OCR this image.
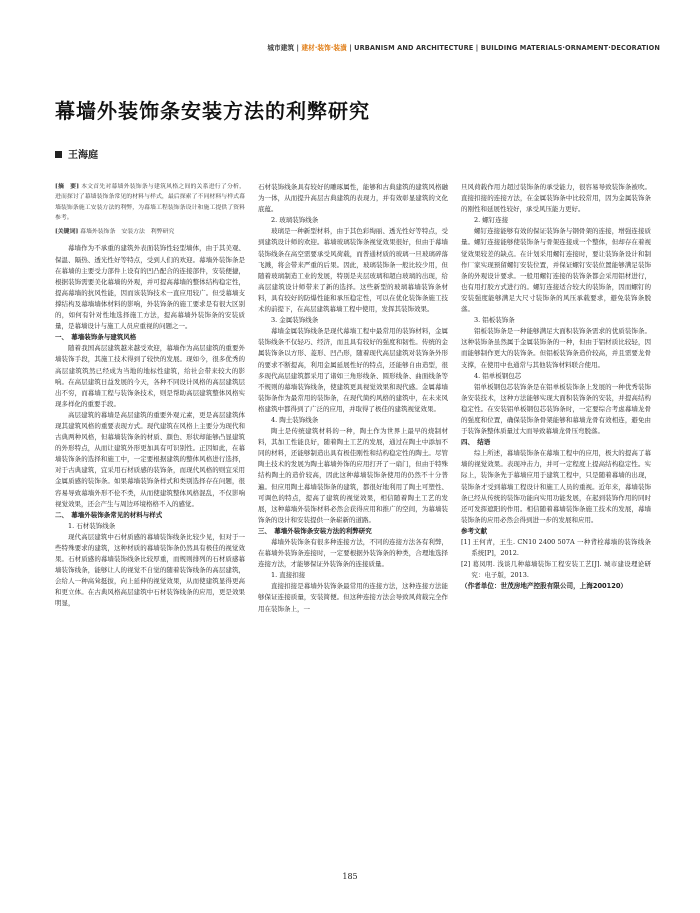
城市建筑 | 建材·装饰·装潢 | URBANISM AND ARCHITECTURE | BUILDING MATERIALS·ORNAMENT·DECORATION
幕墙外装饰条安装方法的利弊研究
王海庭

[摘　要] 本文首先对幕墙外装饰条与建筑风格之间的关系进行了分析，进而探讨了幕墙装饰条常见的材料与样式，最后探索了不同材料与样式幕墙装饰条施工安装方法的利弊，为幕墙工程装饰条设计和施工提供了资料参考。

[关键词] 幕墙外装饰条　安装方法　利弊研究

幕墙作为不承重的建筑外表面装饰性轻型墙体，由于其美观、保温、隔热、透光性好等特点，受到人们的欢迎。幕墙外装饰条是在幕墙的主要受力部件上设有的凹凸配合的连接部件，安装便捷，根据装饰需要美化幕墙的外观，并可提高幕墙的整体结构稳定性，提高幕墙的抗风性能，因而该装饰技术一直应用较广。但受幕墙支撑结构及幕墙墙体材料的影响，外装饰条的施工要求是有很大区别的，如何有针对性地选择施工方法，提高幕墙外装饰条的安装质量，是幕墙设计与施工人员应重视的问题之一。

一、　幕墙装饰条与建筑风格

随着我国高层建筑越来越受欢迎，幕墙作为高层建筑的重要外墙装饰手段，其施工技术得到了较快的发展。现如今，很多优秀的高层建筑筑然已经成为当地的地标性建筑，给社会带来较大的影响。在高层建筑日益发展的今天，各种不同设计风格的高层建筑层出不穷，而幕墙工程与装饰条技术，则是帮助高层建筑整体风格实现多样化的重要手段。

高层建筑的幕墙是高层建筑的重要外观元素，更是高层建筑体现其建筑风格的重要表现方式。现代建筑在风格上主要分为现代和古典两种风格，但幕墙装饰条的材质、颜色、形状却能够凸显建筑的外形特点，从而让建筑外形更加具有可识别性。正因如此，在幕墙装饰条的选择和施工中，一定要根据建筑的整体风格进行选择，对于古典建筑，宜采用石材质感的装饰条，而现代风格的则宜采用金属质感的装饰条。如果幕墙装饰条样式和类别选择存在问题，很容易导致幕墙外形不伦不类，从而使建筑整体风格混乱，不仅影响视觉效果，还会产生与周边环境格格不入的感觉。

二、　幕墙外装饰条常见的材料与样式

1. 石材装饰线条

现代高层建筑中石材质感的幕墙装饰线条比较少见，但对于一些特殊要求的建筑，这种材质的幕墙装饰条仍然具有极佳的视觉效果。石材质感的幕墙装饰线条比较厚重，而规则排列的石材质感幕墙装饰线条，能够让人的视觉不自觉的随着装饰线条的高层建筑，会给人一种高耸挺拔，向上延伸的视觉效果，从而使建筑显得更高和更立体。在古典风格高层建筑中石材装饰线条的应用，更是效果明显，

石材装饰线条具有较好的雕琢属性，能够和古典建筑的建筑风格融为一体，从而提升高层古典建筑的表现力，并有效彰显建筑的文化底蕴。

2. 玻璃装饰线条

玻璃是一种新型材料，由于其色彩绚丽、透光性好等特点，受到建筑设计师的欢迎。幕墙玻璃装饰条视觉效果很好，但由于幕墙装饰线条在高空需要承受风荷载，而普通材质的玻璃一旦玻璃碎落飞溅，将会带来严重的后果。因此，玻璃装饰条一般比较少用，但随着玻璃制造工业的发展，特别是夹层玻璃和超白玻璃的出现，给高层建筑设计师带来了新的选择。这些新型的玻璃幕墙装饰条材料，具有较好的防爆性能和承压稳定性，可以在优化装饰条施工技术的前提下，在高层建筑幕墙工程中使用，发挥其装饰效果。

3. 金属装饰线条

幕墙金属装饰线条是现代幕墙工程中最常用的装饰材料，金属装饰线条不仅轻巧、经济，而且具有较好的强度和韧性。传统的金属装饰条以方形、菱形、凹凸形，随着现代高层建筑对装饰条外形的要求不断提高，利用金属延展性好的特点，还能够自由造型，很多现代高层建筑都采用了诸如三角形线条、圆形线条、曲面线条等不规则的幕墙装饰线条，使建筑更具视觉效果和现代感。金属幕墙装饰条作为最常用的装饰条，在现代简约风格的建筑中，在未来风格建筑中都得到了广泛的应用，并取得了极佳的建筑视觉效果。

4. 陶土装饰线条

陶土是传统建筑材料的一种，陶土作为世界上最早的烧制材料，其加工性能良好，随着陶土工艺的发展，通过在陶土中添加不同的材料，还能够制造出具有极佳刚性和结构稳定性的陶土。尽管陶土技术的发展为陶土幕墙外饰的应用打开了一扇门，但由于特殊结构陶土的造价较高，因此这种幕墙装饰条使用的仍然不十分普遍。但应用陶土幕墙装饰条的建筑，都很好地利用了陶土可塑性、可调色的特点，提高了建筑的视觉效果，相信随着陶土工艺的发展，这种幕墙外装饰材料必然会获得应用和推广的空间，为幕墙装饰条的设计和安装提供一条崭新的道路。

三、　幕墙外装饰条安装方法的利弊研究

幕墙外装饰条有很多种连接方法，不同的连接方法各有利弊，在幕墙外装饰条连接时，一定要根据外装饰条的种类，合理地选择连接方法，才能够保证外装饰条的连接质量。

1. 直接扣接

直接扣接是幕墙外装饰条最常用的连接方法，这种连接方法能够保证连接质量，安装简便。但这种连接方法会导致风荷载完全作用在装饰条上，一

旦风荷载作用力超过装饰条的承受能力，很容易导致装饰条被吹。直接扣接的连接方法，在金属装饰条中比较常用，因为金属装饰条的刚性和延展性较好，承受风压能力更好。

2. 螺钉连接

螺钉连接能够有效的保证装饰条与钢骨架的连接，增强连接质量。螺钉连接能够使装饰条与骨架连接成一个整体，但却存在着视觉效果较差的缺点。在计划采用螺钉连接时，要让装饰条设计和制作厂家实现预留螺钉安装位置，并保证螺钉安装位置能够满足装饰条的外观设计要求。一般用螺钉连接的装饰条都会采用铝材进行，也有用打胶方式进行的。螺钉连接适合较大的装饰条，因而螺钉的安装强度能够满足大尺寸装饰条的风压承载要求，避免装饰条脱落。

3. 铝板装饰条

铝板装饰条是一种能够满足大面积装饰条需求的优质装饰条。这种装饰条虽然属于金属装饰条的一种，但由于铝材质比较轻，因而能够制作更大的装饰条。但铝板装饰条造价较高，并且需要龙骨支撑，在使用中也通常与其他装饰材料联合使用。

4. 铝单板钢包芯

铝单板钢包芯装饰条是在铝单板装饰条上发展的一种优秀装饰条安装技术，这种方法能够实现大面积装饰条的安装，并提高结构稳定性。在安装铝单板钢包芯装饰条时，一定要综合考虑幕墙龙骨的强度和位置，确保装饰条骨架能够和幕墙龙骨有效相连，避免由于装饰条整体质量过大而导致幕墙龙骨压弯脱落。

四、　结语

综上所述，幕墙装饰条在幕墙工程中的应用，极大的提高了幕墙的视觉效果。表现冲击力，并可一定程度上提高结构稳定性。实际上，装饰条先于幕墙应用于建筑工程中，只是随着幕墙的出现，装饰条才受到幕墙工程设计和施工人员的重视。近年来，幕墙装饰条已经从传统的装饰功能向实用功能发展，在起到装饰作用的同时还可发挥遮阳的作用。相信随着幕墙装饰条施工技术的发展，幕墙装饰条的应用必然会得到进一步的发展和应用。

参考文献

[1] 王何青，王生. CN10 2400 507A 一种背栓幕墙的装饰线条系统[P]，2012.

[2] 葛凤明. 浅谈几种幕墙装饰工程安装工艺[J]. 城市建设理论研究：电子版，2013.

（作者单位：世茂房地产控股有限公司，上海200120）

185
